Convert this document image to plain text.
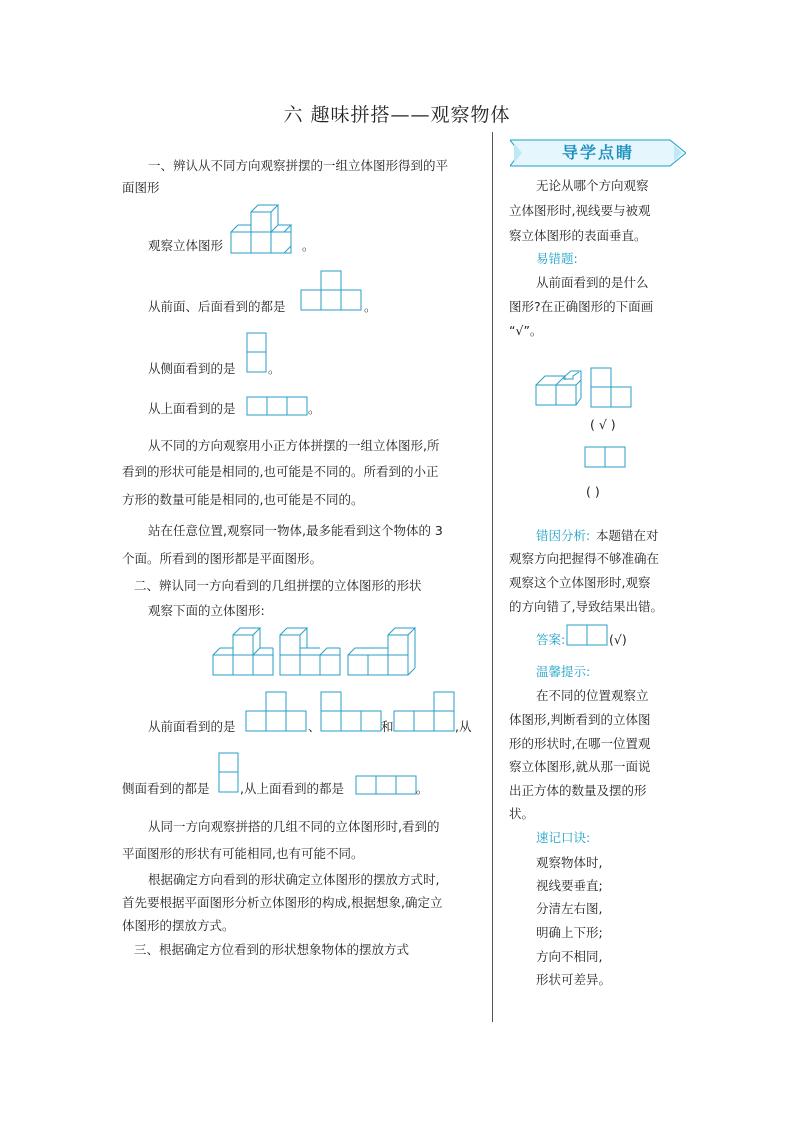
六 趣味拼搭——观察物体
一、辨认从不同方向观察拼摆的一组立体图形得到的平
面图形
观察立体图形	。
从前面、后面看到的都是	。
从侧面看到的是	。
从上面看到的是	。
从不同的方向观察用小正方体拼摆的一组立体图形,所
看到的形状可能是相同的,也可能是不同的。所看到的小正
方形的数量可能是相同的,也可能是不同的。
站在任意位置,观察同一物体,最多能看到这个物体的 3
个面。所看到的图形都是平面图形。
二、辨认同一方向看到的几组拼摆的立体图形的形状
观察下面的立体图形:
从前面看到的是	、	和	,从
侧面看到的都是 ,从上面看到的都是	。
从同一方向观察拼搭的几组不同的立体图形时,看到的
平面图形的形状有可能相同,也有可能不同。
根据确定方向看到的形状确定立体图形的摆放方式时,
首先要根据平面图形分析立体图形的构成,根据想象,确定立
体图形的摆放方式。
三、根据确定方位看到的形状想象物体的摆放方式
导学点睛
无论从哪个方向观察
立体图形时,视线要与被观
察立体图形的表面垂直。
易错题:
从前面看到的是什么
图形?在正确图形的下面画
“√”。
( √ )
( )
错因分析: 本题错在对
观察方向把握得不够准确在
观察这个立体图形时,观察
的方向错了,导致结果出错。
答案:	(√)
温馨提示:
在不同的位置观察立
体图形,判断看到的立体图
形的形状时,在哪一位置观
察立体图形,就从那一面说
出正方体的数量及摆的形
状。
速记口诀:
观察物体时,
视线要垂直;
分清左右图,
明确上下形;
方向不相同,
形状可差异。
